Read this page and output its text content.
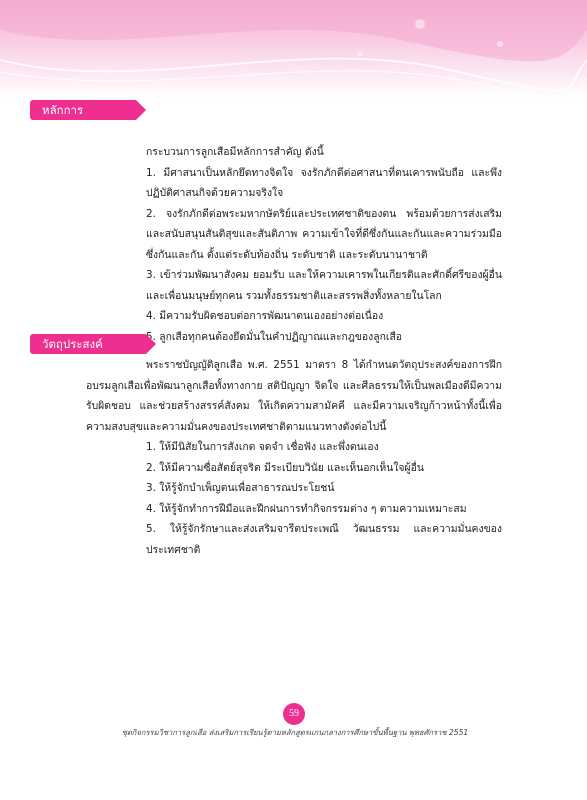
หลักการ

กระบวนการลูกเสือมีหลักการสำคัญ ดังนี้

1. มีศาสนาเป็นหลักยึดทางจิตใจ จงรักภักดีต่อศาสนาที่ตนเคารพนับถือ และพึงปฏิบัติศาสนกิจด้วยความจริงใจ

2. จงรักภักดีต่อพระมหากษัตริย์และประเทศชาติของตน พร้อมด้วยการส่งเสริมและสนับสนุนสันติสุขและสันติภาพ ความเข้าใจที่ดีซึ่งกันและกันและความร่วมมือซึ่งกันและกัน ตั้งแต่ระดับท้องถิ่น ระดับชาติ และระดับนานาชาติ

3. เข้าร่วมพัฒนาสังคม ยอมรับ และให้ความเคารพในเกียรติและศักดิ์ศรีของผู้อื่นและเพื่อนมนุษย์ทุกคน รวมทั้งธรรมชาติและสรรพสิ่งทั้งหลายในโลก

4. มีความรับผิดชอบต่อการพัฒนาตนเองอย่างต่อเนื่อง

5. ลูกเสือทุกคนต้องยึดมั่นในคำปฏิญาณและกฎของลูกเสือ

วัตถุประสงค์

พระราชบัญญัติลูกเสือ พ.ศ. 2551 มาตรา 8 ได้กำหนดวัตถุประสงค์ของการฝึกอบรมลูกเสือเพื่อพัฒนาลูกเสือทั้งทางกาย สติปัญญา จิตใจ และศีลธรรมให้เป็นพลเมืองดีมีความรับผิดชอบ และช่วยสร้างสรรค์สังคม ให้เกิดความสามัคคี และมีความเจริญก้าวหน้าทั้งนี้เพื่อความสงบสุขและความมั่นคงของประเทศชาติตามแนวทางดังต่อไปนี้

1. ให้มีนิสัยในการสังเกต จดจำ เชื่อฟัง และพึ่งตนเอง

2. ให้มีความซื่อสัตย์สุจริต มีระเบียบวินัย และเห็นอกเห็นใจผู้อื่น

3. ให้รู้จักบำเพ็ญตนเพื่อสาธารณประโยชน์

4. ให้รู้จักทำการฝีมือและฝึกฝนการทำกิจกรรมต่าง ๆ ตามความเหมาะสม

5. ให้รู้จักรักษาและส่งเสริมจารีตประเพณี วัฒนธรรม และความมั่นคงของประเทศชาติ

59
ชุดกิจกรรมวิชาการลูกเสือ ส่งเสริมการเรียนรู้ตามหลักสูตรแกนกลางการศึกษาขั้นพื้นฐาน พุทธศักราช 2551
